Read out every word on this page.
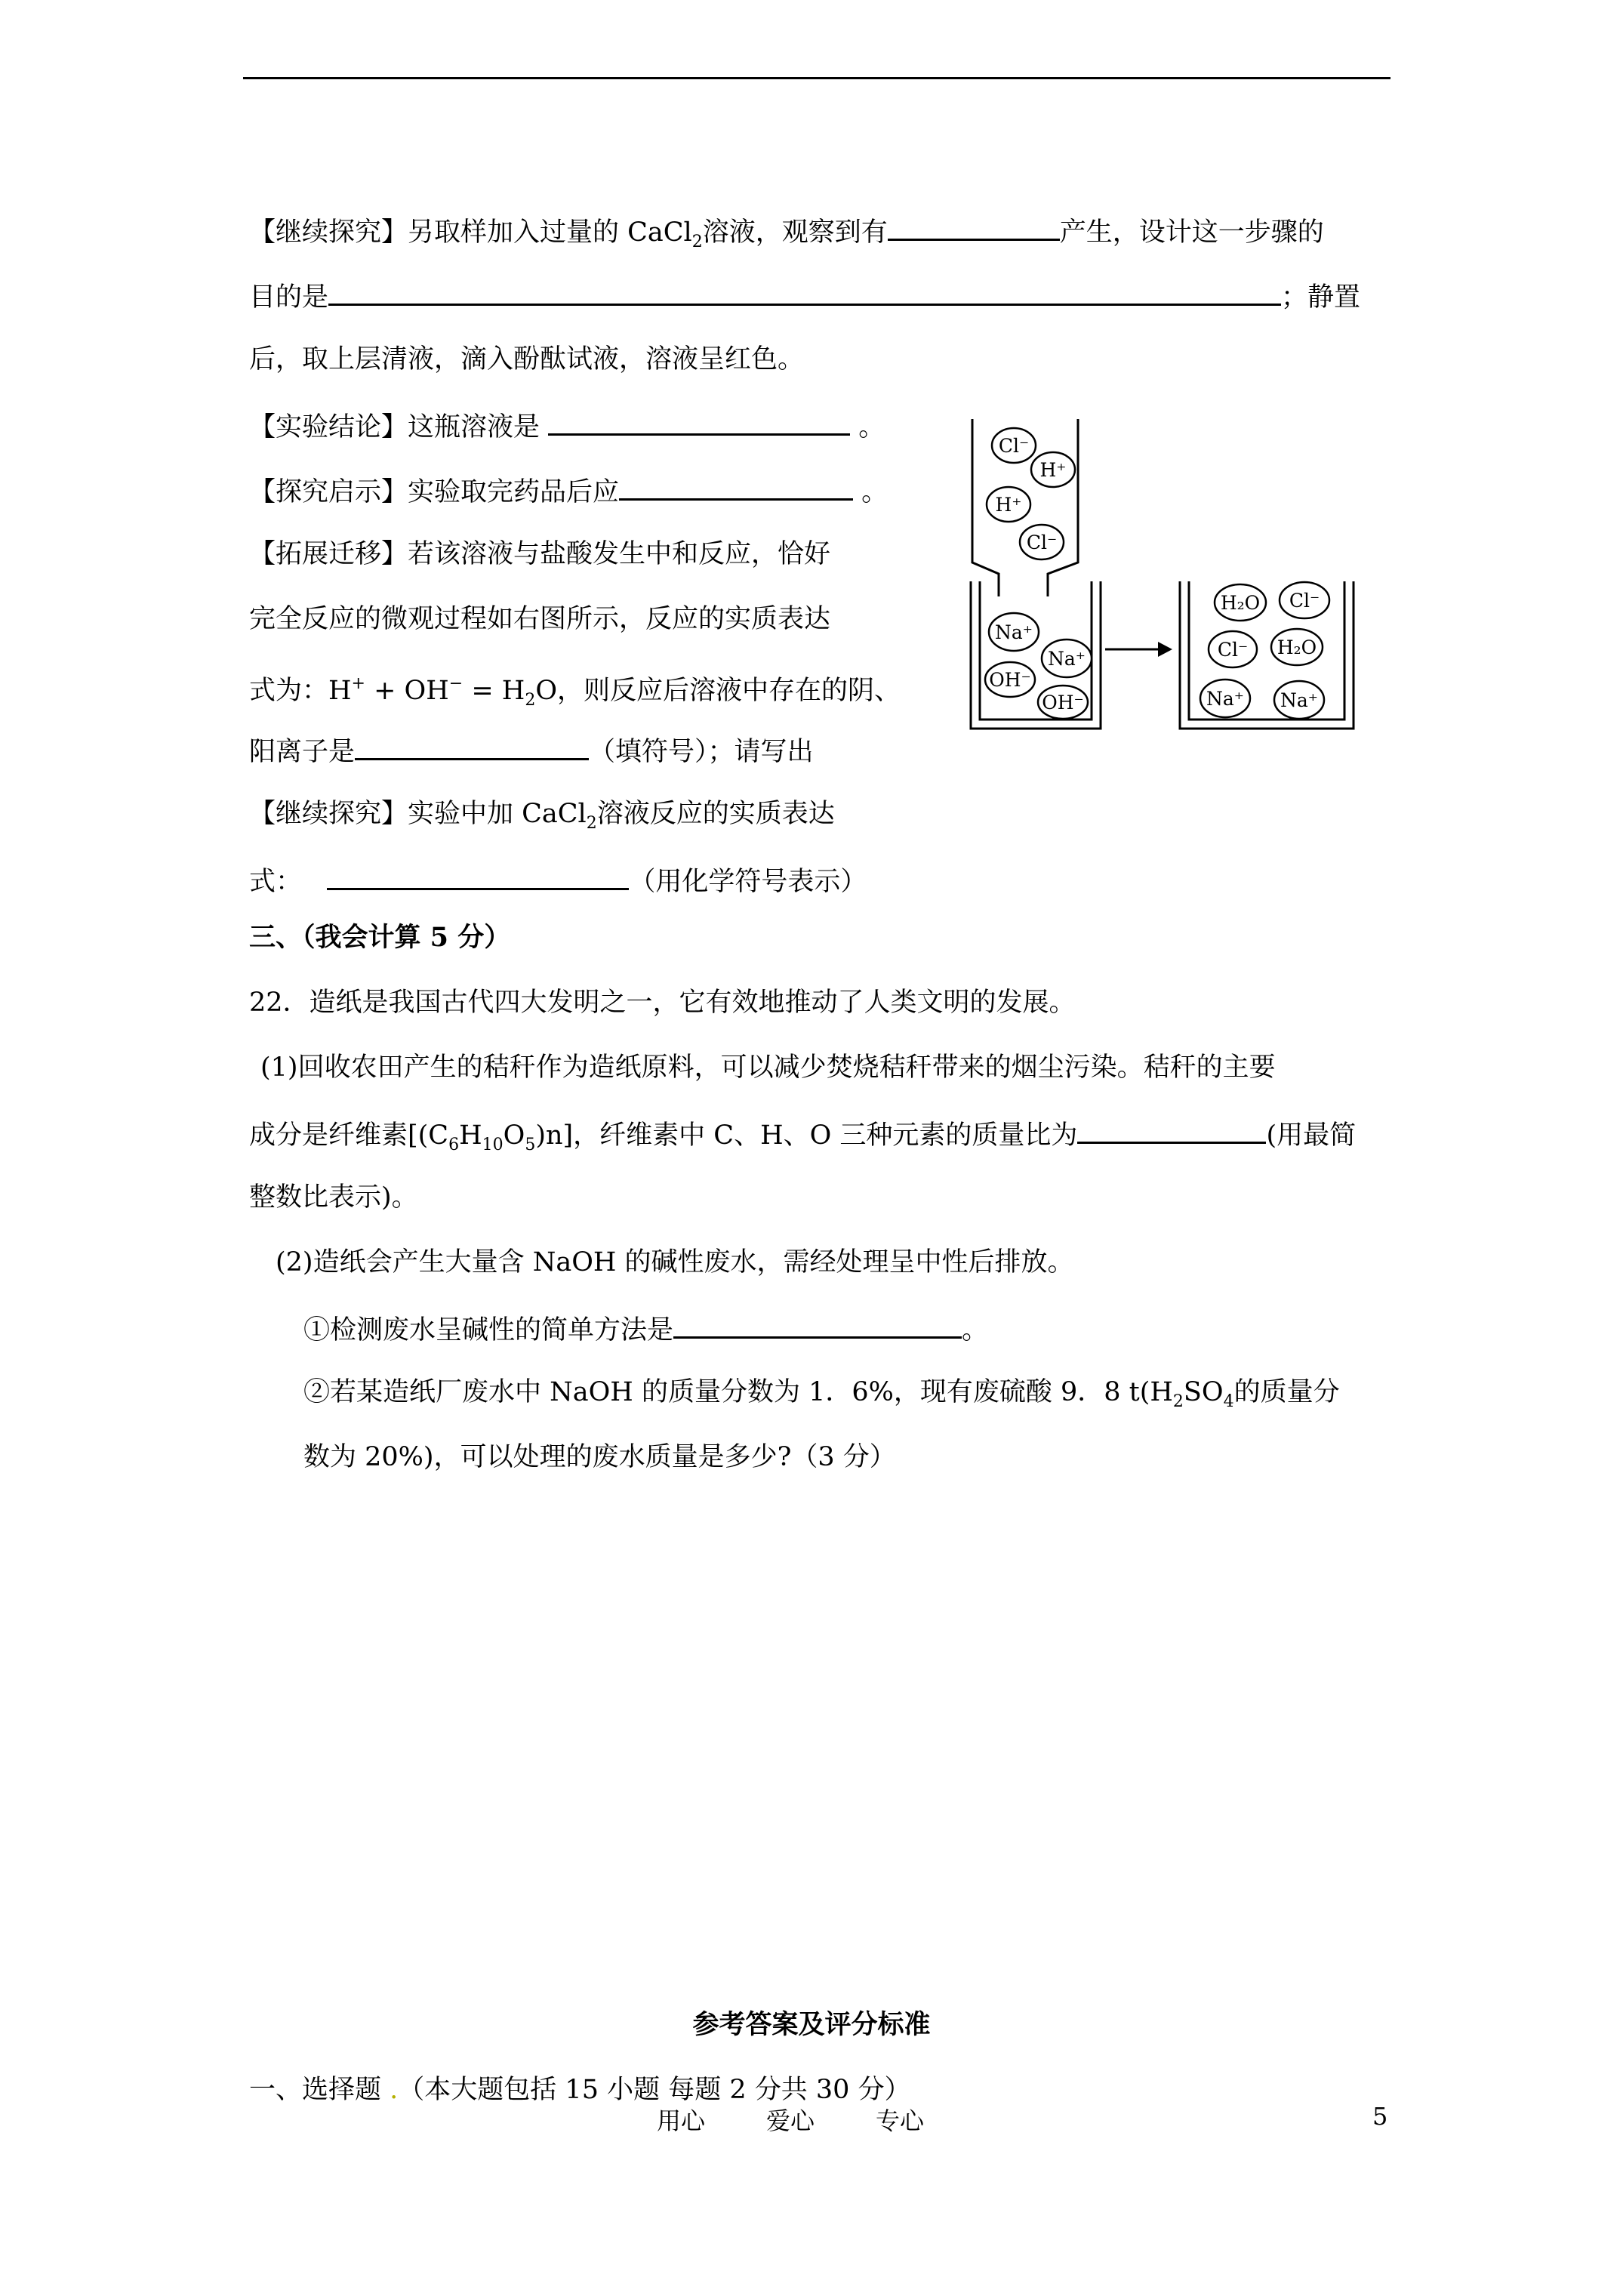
【继续探究】另取样加入过量的 CaCl$_2$溶液，观察到有	产生，设计这一步骤的
目的是	；静置
后，取上层清液，滴入酚酞试液，溶液呈红色。
【实验结论】这瓶溶液是	。
【探究启示】实验取完药品后应	。
【拓展迁移】若该溶液与盐酸发生中和反应，恰好
完全反应的微观过程如右图所示，反应的实质表达
式为：$H^+ + OH^- = H_2O$，则反应后溶液中存在的阴、
阳离子是	（填符号）；请写出
【继续探究】实验中加 CaCl$_2$溶液反应的实质表达
式：	（用化学符号表示）
三、（我会计算 5 分）
22．造纸是我国古代四大发明之一，它有效地推动了人类文明的发展。
(1)回收农田产生的秸秆作为造纸原料，可以减少焚烧秸秆带来的烟尘污染。秸秆的主要
成分是纤维素$[(C_6H_{10}O_5)n]$，纤维素中 C、H、O 三种元素的质量比为	(用最简
整数比表示)。
(2)造纸会产生大量含 NaOH 的碱性废水，需经处理呈中性后排放。
①检测废水呈碱性的简单方法是	。
②若某造纸厂废水中 NaOH 的质量分数为 1．6%，现有废硫酸 9．8 $t(H_2SO_4$的质量分
数为 20%)，可以处理的废水质量是多少?（3 分）
参考答案及评分标准
一、选择题 .（本大题包括 15 小题 每题 2 分共 30 分）
用心	爱心	专心	5
Cl⁻
H⁺
H⁺
Cl⁻
Na⁺
Na⁺
OH⁻
OH⁻
H₂O Cl⁻
Cl⁻ H₂O
Na⁺ Na⁺
